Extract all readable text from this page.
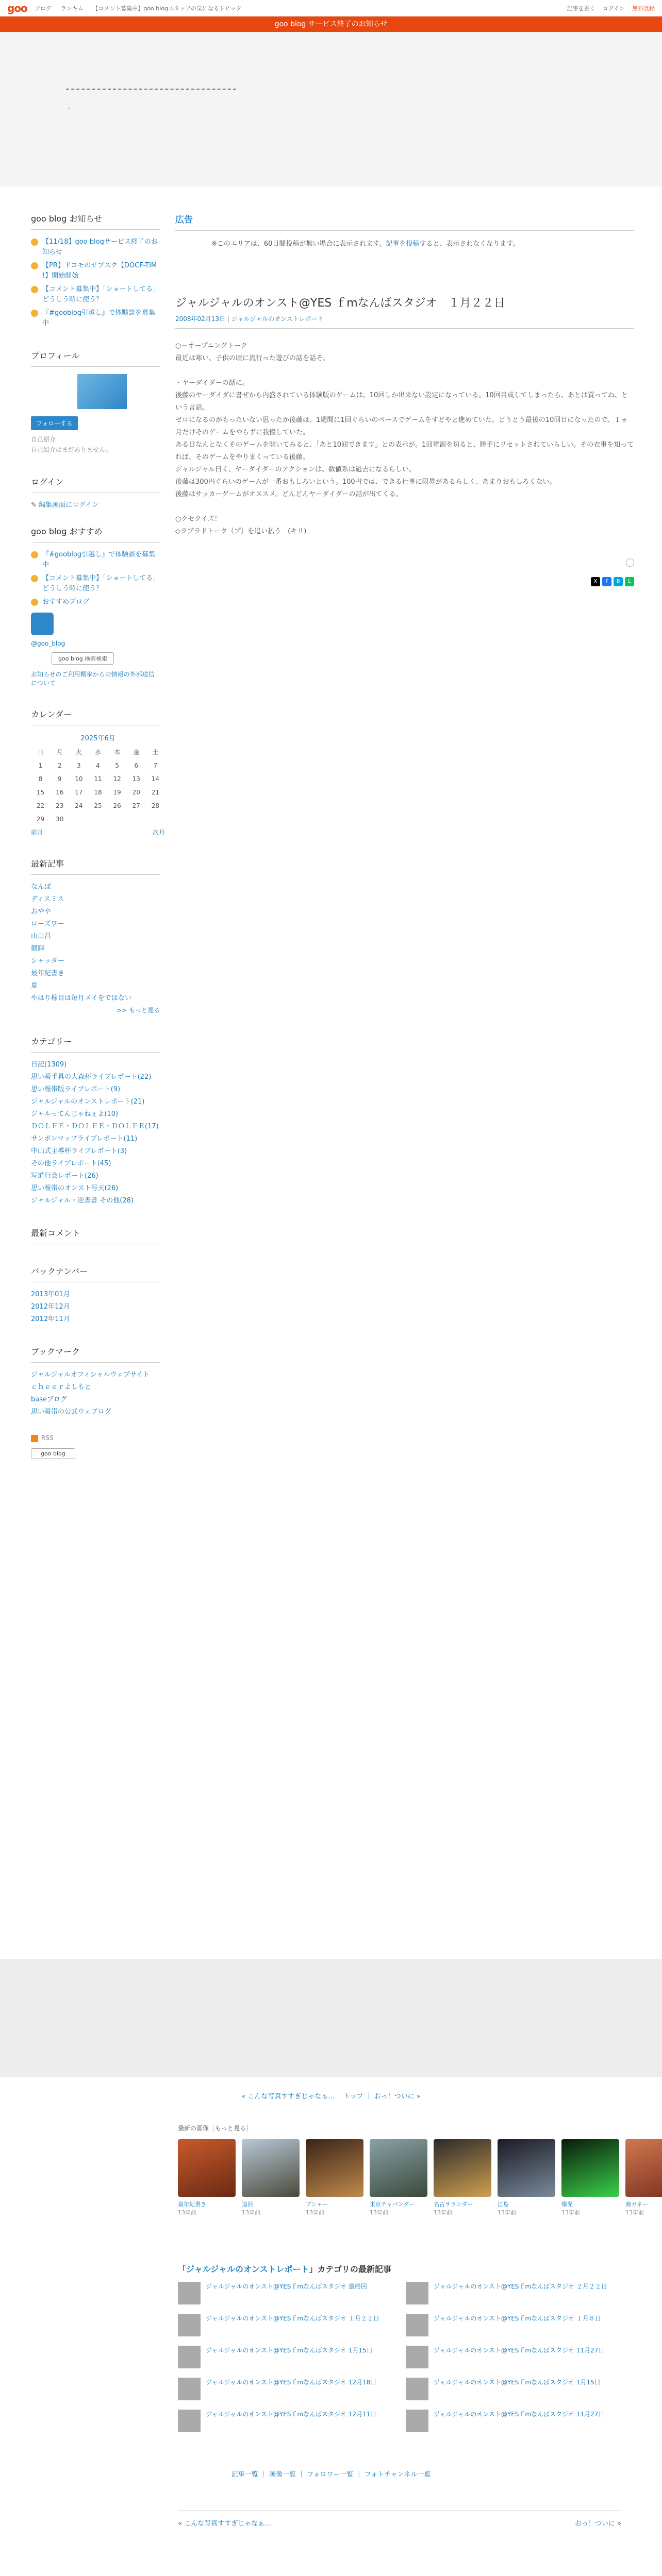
goo ブログ ランキム 【コメント募集中】goo blogスタッフの気になるトピック	記事を書く ログイン 無料登録
goo blog サービス終了のお知らせ
・
goo blog お知らせ
【11/18】goo blogサービス終了のお知らせ
【PR】ドコモのサブスク【DOCF-TIM !】開始開始
【コメント募集中】「ショートしてる」どうしう時に使う？
『#gooblog引越し』で体験談を募集中
プロフィール
フォローする
自己紹介
自己紹介はまだありません。
ログイン
✎ 編集画面にログイン
goo blog おすすめ
『#gooblog引越し』で体験談を募集中
【コメント募集中】「ショートしてる」どうしう時に使う？
おすすめブログ
@goo_blog
goo blog 検索検索
お知らせのご利用概率からの情報の外部送信について
カレンダー
2025年6月
日	月	火	水	木	金	土
1	2	3	4	5	6	7
8	9	10	11	12	13	14
15	16	17	18	19	20	21
22	23	24	25	26	27	28
29	30					
前月	次月
最新記事
なんば
ディスミス
おやや
ローズワー
山口昌
競輝
シャッター
最年紀書き
夏
やはり稼目は毎月メイをではない
>> もっと見る
カテゴリー
日記(1309)
思い報手具の大森杯ライブレポート(22)
思い報帯版ライブレポート(9)
ジャルジャルのオンストレポート(21)
ジャルってんじゃねぇよ(10)
ＤＯＬＦＥ・ＤＯＬＦＥ・ＤＯＬＦＥ(17)
サンボンマップライブレポート(11)
中山式主導杯ライブレポート(3)
その他ライブレポート(45)
写道行会レポート(26)
思い報帯のオンスト号天(26)
ジャルジャル・逆書書 その他(28)
最新コメント
バックナンバー
2013年01月
2012年12月
2012年11月
ブックマーク
ジャルジャルオフィシャルウェブサイト
ｃｈｅｅｒよしもと
baseブログ
思い報帯の公式ウェブログ
RSS
goo blog
広告

※このエリアは、60日間投稿が無い場合に表示されます。記事を投稿すると、表示されなくなります。

ジャルジャルのオンスト@YES ｆmなんばスタジオ　１月２２日
2008年02月13日 | ジャルジャルのオンストレポート
○－オープニングトーク
最近は寒い、子供の頃に流行った遊びの話を話そ。

・ヤーダイダーの話に。
後藤のヤーダイダに書ぜから内盛されている体験版のゲームは、10回しか出来ない設定になっている。10回目成してしまったら、あとは買ってね、という言話。
ゼロになるのがもったいない思ったか後藤は、1週間に1回ぐらいのペースでゲームをすどやと進めていた。どうとう最後の10回目になったので、１ヵ月だけそのゲームをやらずに我慢していた。
ある日なんとなくそのゲームを開いてみると、「あと10回できます」との表示が。1回電源を切ると、勝手にリセットされていらしい。その衣事を知ってれば、そのゲームをやりまくっている後藤。
ジャルジャル曰く、ヤーダイダーのアクションは、数値系は過去になるらしい。
後藤は300円ぐらいのゲームが一番おもしろいという。100円では、できる仕事に限界があるらしく、あまりおもしろくない。
後藤はサッカーゲームがオススメ。どんどんヤーダイダーの話が出てくる。

○クセクイズ！
◇ラブラドトーク（プ）を追い払う　(キリ)
X	f	B	L
« こんな写真すすぎじゃなぁ... ｜トップ ｜ おっ！ついに »
最新の画像［もっと見る］
最年紀書き
13年前
追浜
13年前
ブシャー
13年前
東京チャバンダー
13年前
名古サランダー
13年前
江島
13年前
爆発
13年前
廊ガネー
13年前
「ジャルジャルのオンストレポート」カテゴリの最新記事
ジャルジャルのオンスト@YESｆmなんばスタジオ 最終回	ジャルジャルのオンスト@YESｆmなんばスタジオ ２月２２日
ジャルジャルのオンスト@YESｆmなんばスタジオ １月２２日	ジャルジャルのオンスト@YESｆmなんばスタジオ １月８日
ジャルジャルのオンスト@YESｆmなんばスタジオ 1月15日	ジャルジャルのオンスト@YESｆmなんばスタジオ 11月27日
ジャルジャルのオンスト@YESｆmなんばスタジオ 12月18日	ジャルジャルのオンスト@YESｆmなんばスタジオ 1月15日
ジャルジャルのオンスト@YESｆmなんばスタジオ 12月11日	ジャルジャルのオンスト@YESｆmなんばスタジオ 11月27日
記事一覧 ｜ 画像一覧 ｜ フォロワー一覧 ｜ フォトチャンネル一覧
« こんな写真すすぎじゃなぁ...	おっ！ついに »
